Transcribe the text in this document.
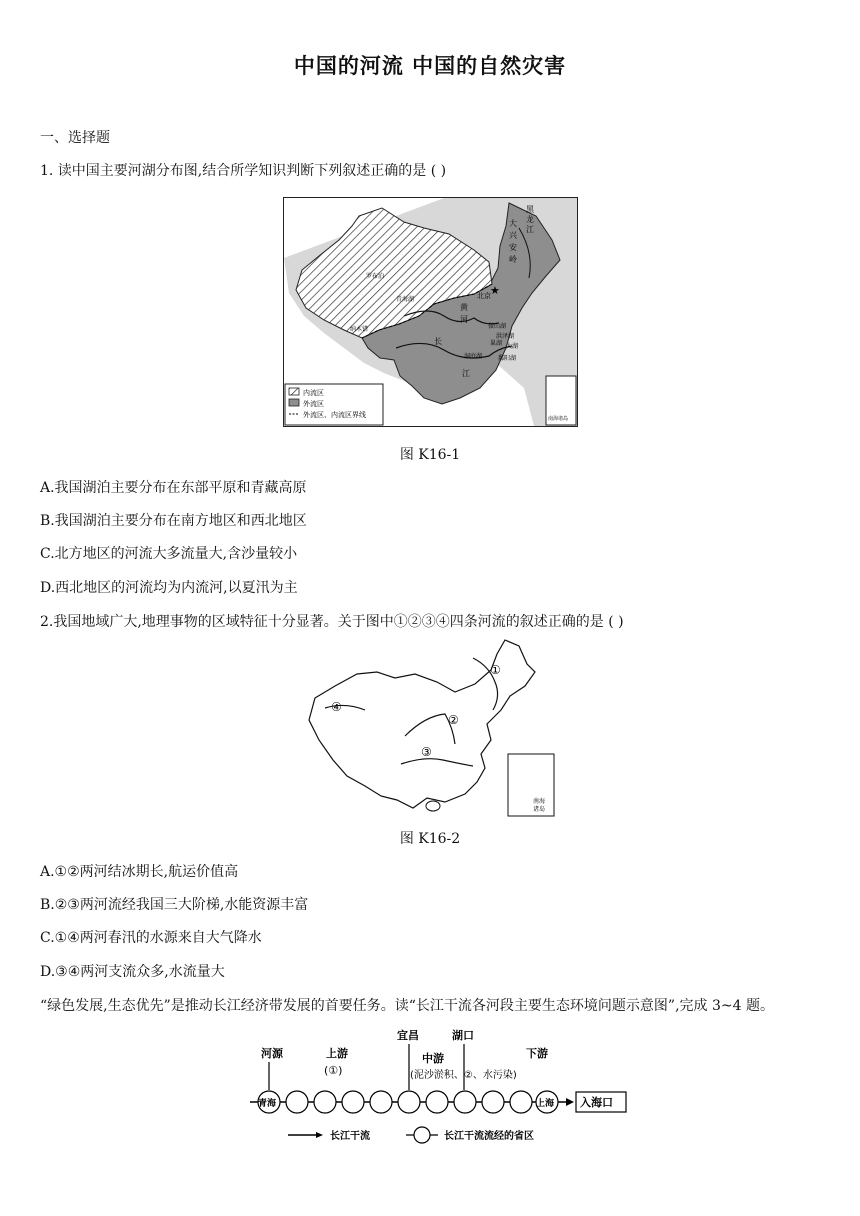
中国的河流 中国的自然灾害
一、选择题
1. 读中国主要河湖分布图,结合所学知识判断下列叙述正确的是 ( )
★
大
兴
安
岭
黑
龙
江
北京
罗布泊
青海湖
纳木错
黄
河
长
江
微山湖
洪泽湖
太湖
巢湖
洞庭湖	鄱阳湖
南海诸岛
内流区
外流区
外流区、内流区界线
图 K16-1
A.我国湖泊主要分布在东部平原和青藏高原
B.我国湖泊主要分布在南方地区和西北地区
C.北方地区的河流大多流量大,含沙量较小
D.西北地区的河流均为内流河,以夏汛为主
2.我国地域广大,地理事物的区域特征十分显著。关于图中①②③④四条河流的叙述正确的是 ( )
①
②
③
④
南海
诸岛
图 K16-2
A.①②两河结冰期长,航运价值高
B.②③两河流经我国三大阶梯,水能资源丰富
C.①④两河春汛的水源来自大气降水
D.③④两河支流众多,水流量大
“绿色发展,生态优先”是推动长江经济带发展的首要任务。读“长江干流各河段主要生态环境问题示意图”,完成 3~4 题。
河源	上游
(①)
宜昌	湖口
中游
(泥沙淤积、②、水污染)
下游
青海	上海 入海口
长江干流	长江干流流经的省区
